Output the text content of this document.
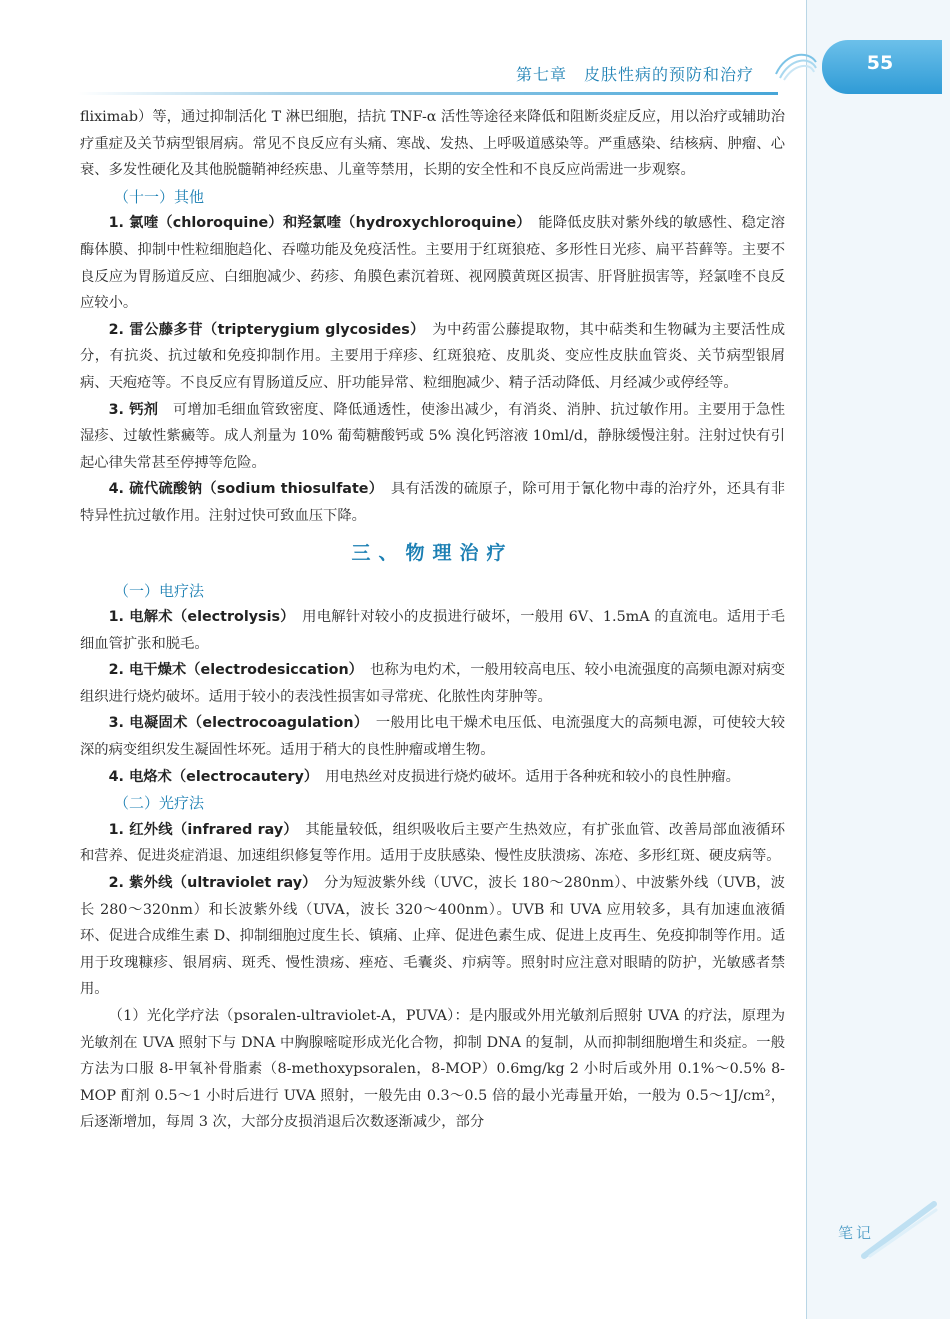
第七章　皮肤性病的预防和治疗
55

fliximab）等，通过抑制活化 T 淋巴细胞，拮抗 TNF-α 活性等途径来降低和阻断炎症反应，用以治疗或辅助治疗重症及关节病型银屑病。常见不良反应有头痛、寒战、发热、上呼吸道感染等。严重感染、结核病、肿瘤、心衰、多发性硬化及其他脱髓鞘神经疾患、儿童等禁用，长期的安全性和不良反应尚需进一步观察。

（十一）其他

1. 氯喹（chloroquine）和羟氯喹（hydroxychloroquine）　能降低皮肤对紫外线的敏感性、稳定溶酶体膜、抑制中性粒细胞趋化、吞噬功能及免疫活性。主要用于红斑狼疮、多形性日光疹、扁平苔藓等。主要不良反应为胃肠道反应、白细胞减少、药疹、角膜色素沉着斑、视网膜黄斑区损害、肝肾脏损害等，羟氯喹不良反应较小。

2. 雷公藤多苷（tripterygium glycosides）　为中药雷公藤提取物，其中萜类和生物碱为主要活性成分，有抗炎、抗过敏和免疫抑制作用。主要用于痒疹、红斑狼疮、皮肌炎、变应性皮肤血管炎、关节病型银屑病、天疱疮等。不良反应有胃肠道反应、肝功能异常、粒细胞减少、精子活动降低、月经减少或停经等。

3. 钙剂　可增加毛细血管致密度、降低通透性，使渗出减少，有消炎、消肿、抗过敏作用。主要用于急性湿疹、过敏性紫癜等。成人剂量为 10% 葡萄糖酸钙或 5% 溴化钙溶液 10ml/d，静脉缓慢注射。注射过快有引起心律失常甚至停搏等危险。

4. 硫代硫酸钠（sodium thiosulfate）　具有活泼的硫原子，除可用于氰化物中毒的治疗外，还具有非特异性抗过敏作用。注射过快可致血压下降。

三、物理治疗

（一）电疗法

1. 电解术（electrolysis）　用电解针对较小的皮损进行破坏，一般用 6V、1.5mA 的直流电。适用于毛细血管扩张和脱毛。

2. 电干燥术（electrodesiccation）　也称为电灼术，一般用较高电压、较小电流强度的高频电源对病变组织进行烧灼破坏。适用于较小的表浅性损害如寻常疣、化脓性肉芽肿等。

3. 电凝固术（electrocoagulation）　一般用比电干燥术电压低、电流强度大的高频电源，可使较大较深的病变组织发生凝固性坏死。适用于稍大的良性肿瘤或增生物。

4. 电烙术（electrocautery）　用电热丝对皮损进行烧灼破坏。适用于各种疣和较小的良性肿瘤。

（二）光疗法

1. 红外线（infrared ray）　其能量较低，组织吸收后主要产生热效应，有扩张血管、改善局部血液循环和营养、促进炎症消退、加速组织修复等作用。适用于皮肤感染、慢性皮肤溃疡、冻疮、多形红斑、硬皮病等。

2. 紫外线（ultraviolet ray）　分为短波紫外线（UVC，波长 180～280nm）、中波紫外线（UVB，波长 280～320nm）和长波紫外线（UVA，波长 320～400nm）。UVB 和 UVA 应用较多，具有加速血液循环、促进合成维生素 D、抑制细胞过度生长、镇痛、止痒、促进色素生成、促进上皮再生、免疫抑制等作用。适用于玫瑰糠疹、银屑病、斑秃、慢性溃疡、痤疮、毛囊炎、疖病等。照射时应注意对眼睛的防护，光敏感者禁用。

（1）光化学疗法（psoralen-ultraviolet-A，PUVA）：是内服或外用光敏剂后照射 UVA 的疗法，原理为光敏剂在 UVA 照射下与 DNA 中胸腺嘧啶形成光化合物，抑制 DNA 的复制，从而抑制细胞增生和炎症。一般方法为口服 8-甲氧补骨脂素（8-methoxypsoralen，8-MOP）0.6mg/kg 2 小时后或外用 0.1%～0.5% 8-MOP 酊剂 0.5～1 小时后进行 UVA 照射，一般先由 0.3～0.5 倍的最小光毒量开始，一般为 0.5～1J/cm²，后逐渐增加，每周 3 次，大部分皮损消退后次数逐渐减少，部分

笔记
